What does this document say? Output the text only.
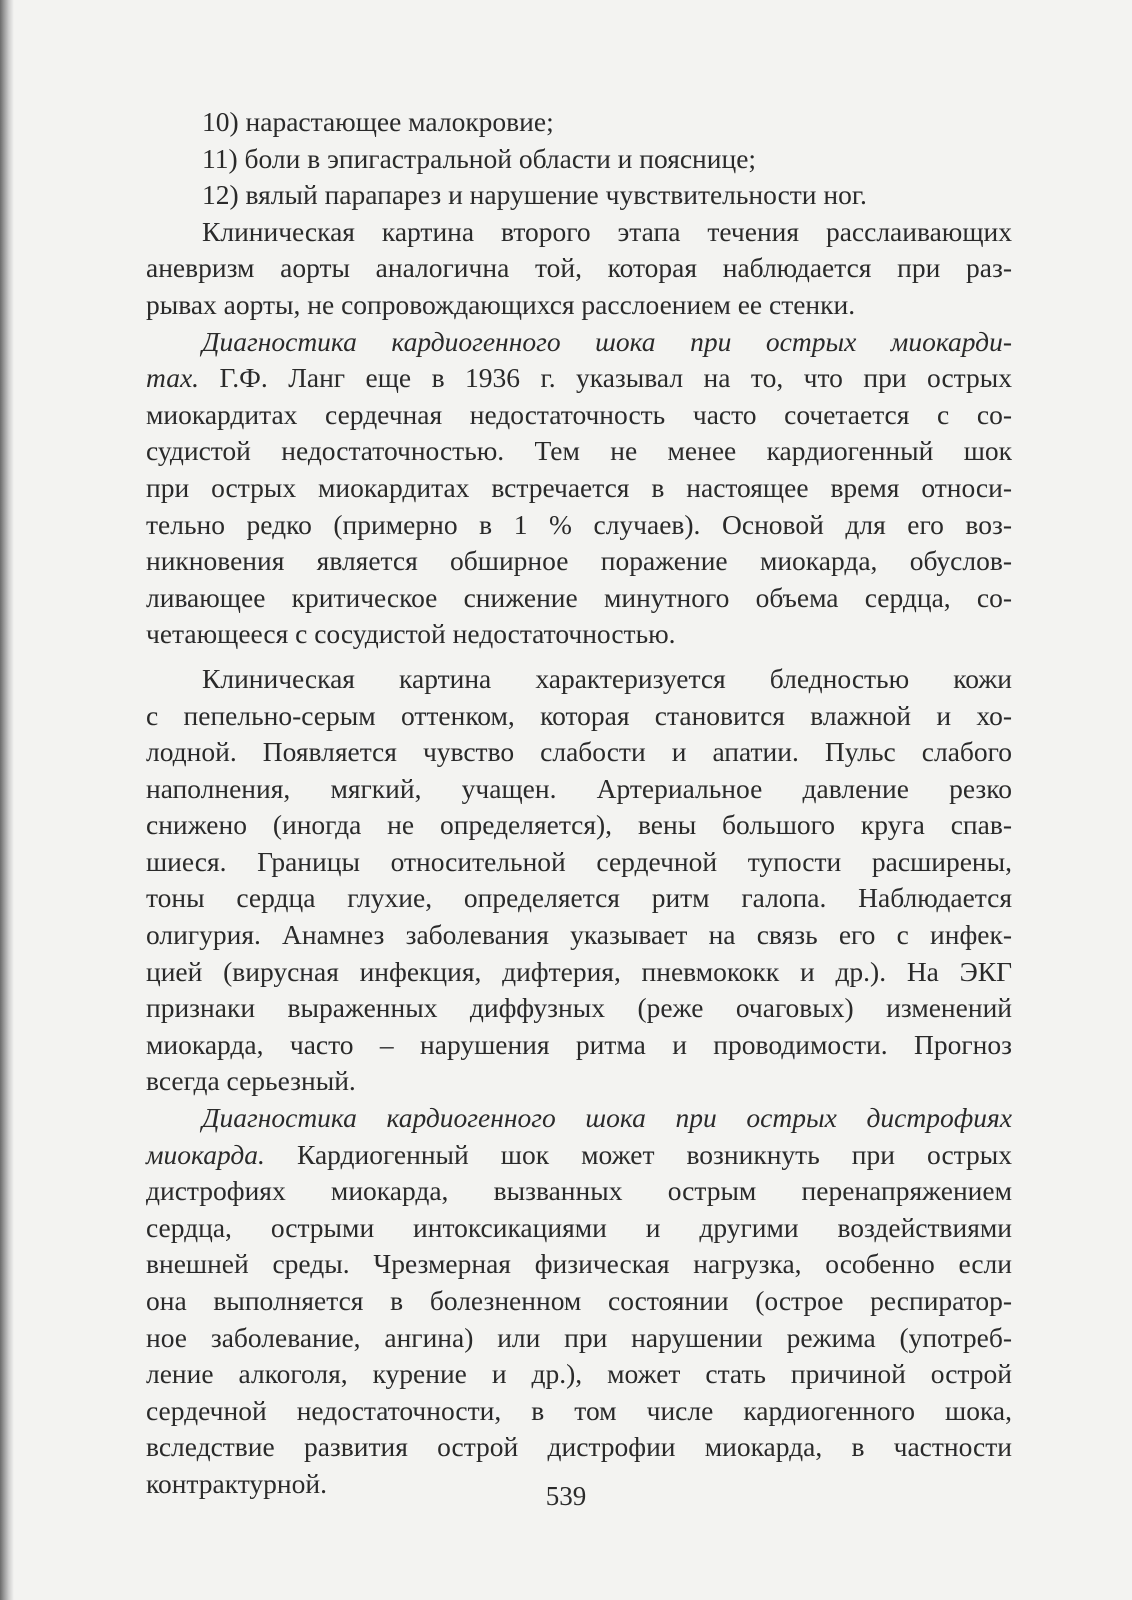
10) нарастающее малокровие;
11) боли в эпигастральной области и пояснице;
12) вялый парапарез и нарушение чувствительности ног.
Клиническая картина второго этапа течения расслаивающих
аневризм аорты аналогична той, которая наблюдается при раз-
рывах аорты, не сопровождающихся расслоением ее стенки.
Диагностика кардиогенного шока при острых миокарди-
тах. Г.Ф. Ланг еще в 1936 г. указывал на то, что при острых
миокардитах сердечная недостаточность часто сочетается с со-
судистой недостаточностью. Тем не менее кардиогенный шок
при острых миокардитах встречается в настоящее время относи-
тельно редко (примерно в 1 % случаев). Основой для его воз-
никновения является обширное поражение миокарда, обуслов-
ливающее критическое снижение минутного объема сердца, со-
четающееся с сосудистой недостаточностью.
Клиническая картина характеризуется бледностью кожи
с пепельно-серым оттенком, которая становится влажной и хо-
лодной. Появляется чувство слабости и апатии. Пульс слабого
наполнения, мягкий, учащен. Артериальное давление резко
снижено (иногда не определяется), вены большого круга спав-
шиеся. Границы относительной сердечной тупости расширены,
тоны сердца глухие, определяется ритм галопа. Наблюдается
олигурия. Анамнез заболевания указывает на связь его с инфек-
цией (вирусная инфекция, дифтерия, пневмококк и др.). На ЭКГ
признаки выраженных диффузных (реже очаговых) изменений
миокарда, часто – нарушения ритма и проводимости. Прогноз
всегда серьезный.
Диагностика кардиогенного шока при острых дистрофиях
миокарда. Кардиогенный шок может возникнуть при острых
дистрофиях миокарда, вызванных острым перенапряжением
сердца, острыми интоксикациями и другими воздействиями
внешней среды. Чрезмерная физическая нагрузка, особенно если
она выполняется в болезненном состоянии (острое респиратор-
ное заболевание, ангина) или при нарушении режима (употреб-
ление алкоголя, курение и др.), может стать причиной острой
сердечной недостаточности, в том числе кардиогенного шока,
вследствие развития острой дистрофии миокарда, в частности
контрактурной.	539
